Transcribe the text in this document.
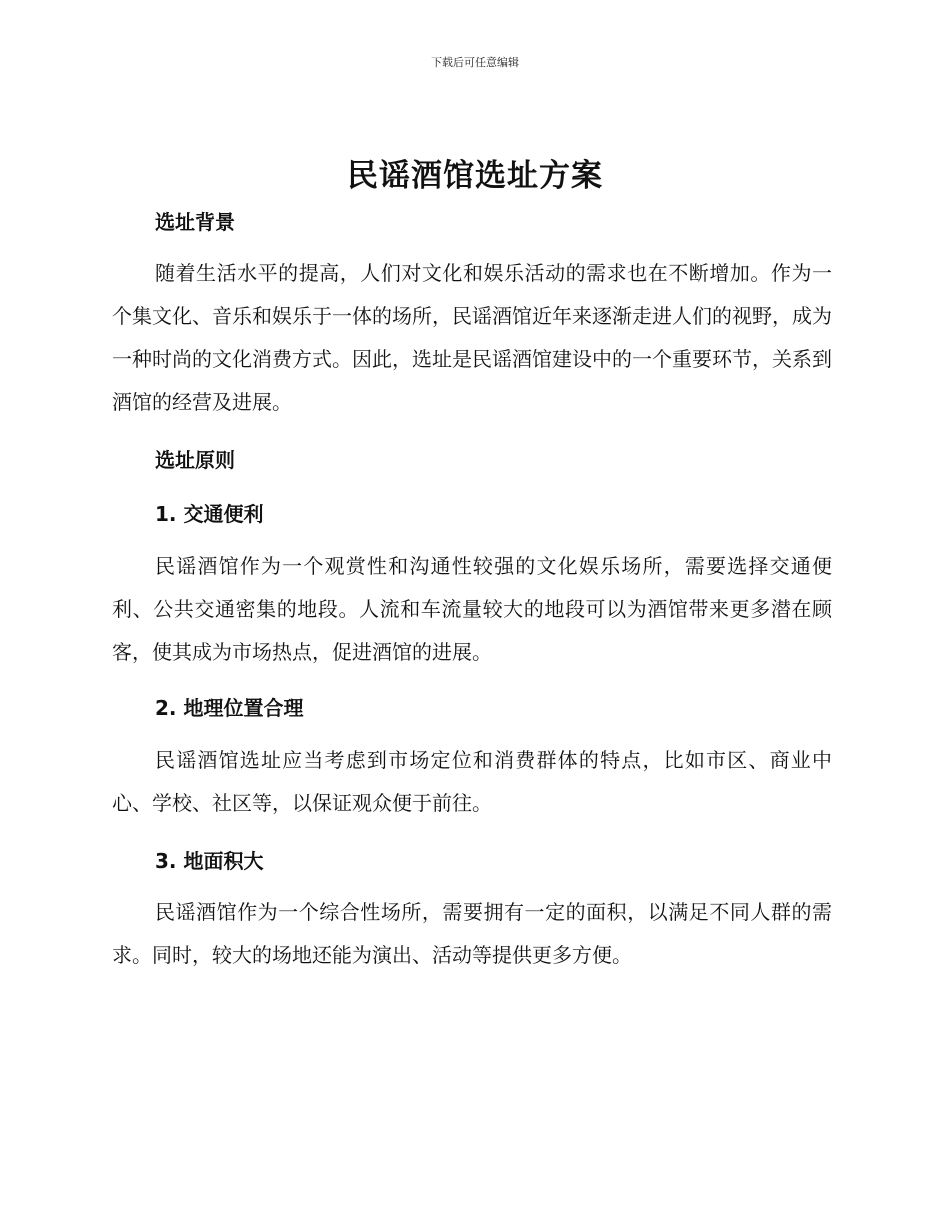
下载后可任意编辑
民谣酒馆选址方案
选址背景

随着生活水平的提高，人们对文化和娱乐活动的需求也在不断增加。作为一个集文化、音乐和娱乐于一体的场所，民谣酒馆近年来逐渐走进人们的视野，成为一种时尚的文化消费方式。因此，选址是民谣酒馆建设中的一个重要环节，关系到酒馆的经营及进展。

选址原则
1. 交通便利

民谣酒馆作为一个观赏性和沟通性较强的文化娱乐场所，需要选择交通便利、公共交通密集的地段。人流和车流量较大的地段可以为酒馆带来更多潜在顾客，使其成为市场热点，促进酒馆的进展。

2. 地理位置合理

民谣酒馆选址应当考虑到市场定位和消费群体的特点，比如市区、商业中心、学校、社区等，以保证观众便于前往。

3. 地面积大

民谣酒馆作为一个综合性场所，需要拥有一定的面积，以满足不同人群的需求。同时，较大的场地还能为演出、活动等提供更多方便。
